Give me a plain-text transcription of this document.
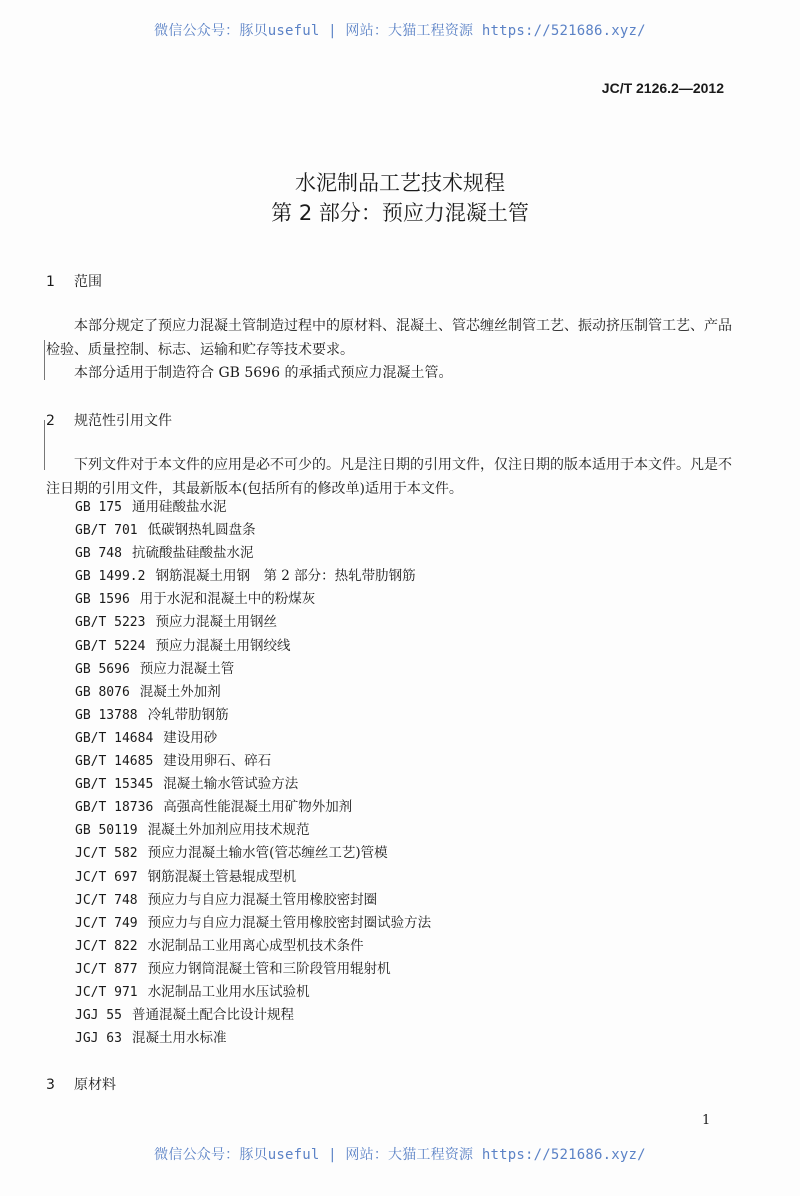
微信公众号：豚贝useful | 网站：大猫工程资源 https://521686.xyz/
JC/T 2126.2—2012
水泥制品工艺技术规程
第 2 部分：预应力混凝土管
1 范围

本部分规定了预应力混凝土管制造过程中的原材料、混凝土、管芯缠丝制管工艺、振动挤压制管工艺、产品检验、质量控制、标志、运输和贮存等技术要求。

本部分适用于制造符合 GB 5696 的承插式预应力混凝土管。

2 规范性引用文件

下列文件对于本文件的应用是必不可少的。凡是注日期的引用文件，仅注日期的版本适用于本文件。凡是不注日期的引用文件，其最新版本(包括所有的修改单)适用于本文件。

GB 175 通用硅酸盐水泥
GB/T 701 低碳钢热轧圆盘条
GB 748 抗硫酸盐硅酸盐水泥
GB 1499.2 钢筋混凝土用钢　第 2 部分：热轧带肋钢筋
GB 1596 用于水泥和混凝土中的粉煤灰
GB/T 5223 预应力混凝土用钢丝
GB/T 5224 预应力混凝土用钢绞线
GB 5696 预应力混凝土管
GB 8076 混凝土外加剂
GB 13788 冷轧带肋钢筋
GB/T 14684 建设用砂
GB/T 14685 建设用卵石、碎石
GB/T 15345 混凝土输水管试验方法
GB/T 18736 高强高性能混凝土用矿物外加剂
GB 50119 混凝土外加剂应用技术规范
JC/T 582 预应力混凝土输水管(管芯缠丝工艺)管模
JC/T 697 钢筋混凝土管悬辊成型机
JC/T 748 预应力与自应力混凝土管用橡胶密封圈
JC/T 749 预应力与自应力混凝土管用橡胶密封圈试验方法
JC/T 822 水泥制品工业用离心成型机技术条件
JC/T 877 预应力钢筒混凝土管和三阶段管用辊射机
JC/T 971 水泥制品工业用水压试验机
JGJ 55 普通混凝土配合比设计规程
JGJ 63 混凝土用水标准
3 原材料
1
微信公众号：豚贝useful | 网站：大猫工程资源 https://521686.xyz/
